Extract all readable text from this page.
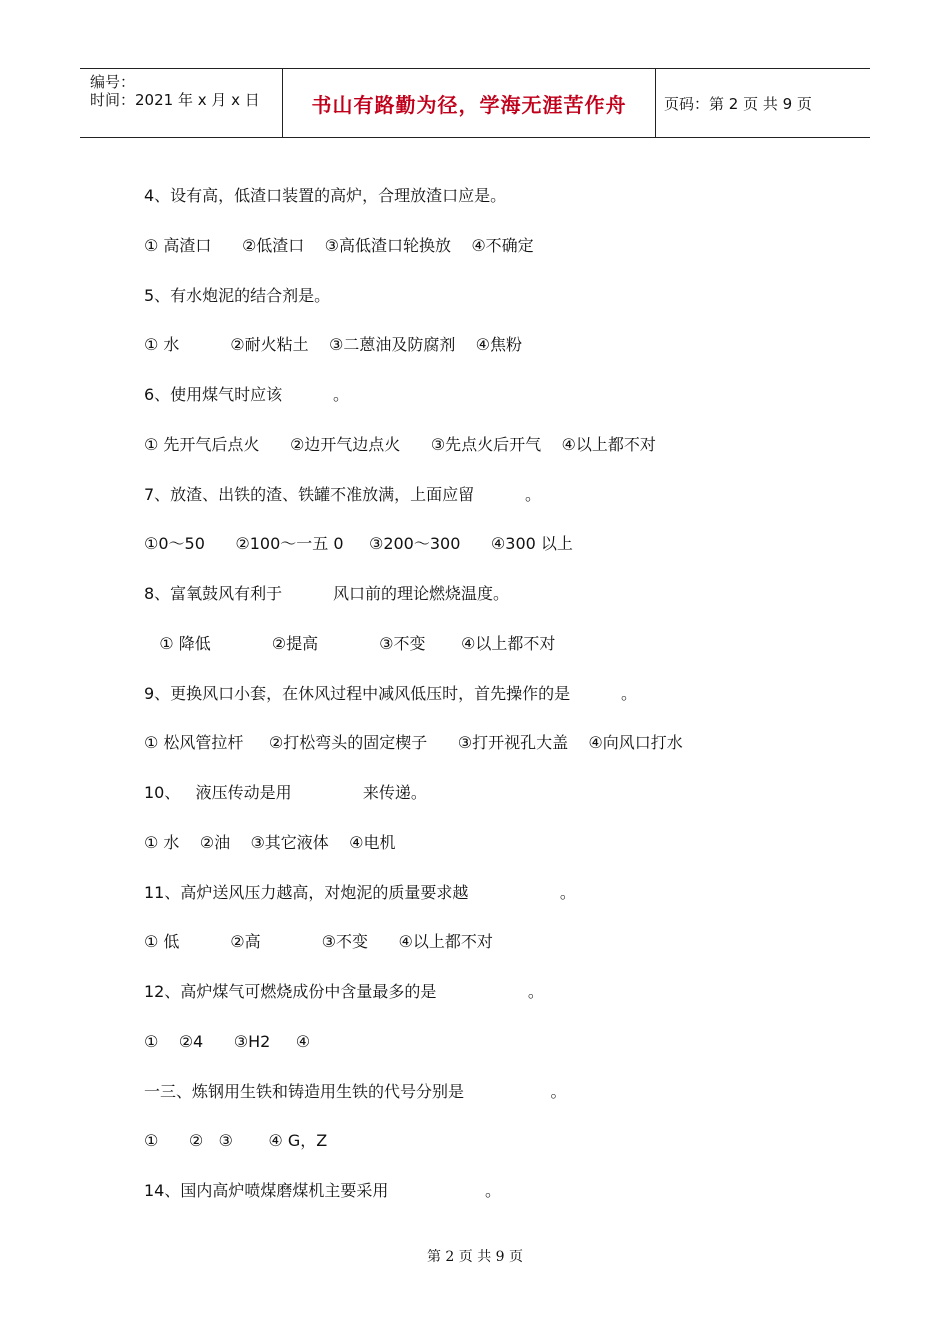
编号：
时间：2021 年 x 月 x 日	书山有路勤为径，学海无涯苦作舟	页码：第 2 页 共 9 页
4、设有高，低渣口装置的高炉，合理放渣口应是。
① 高渣口      ②低渣口    ③高低渣口轮换放    ④不确定
5、有水炮泥的结合剂是。
① 水          ②耐火粘土    ③二蒽油及防腐剂    ④焦粉
6、使用煤气时应该          。
① 先开气后点火      ②边开气边点火      ③先点火后开气    ④以上都不对
7、放渣、出铁的渣、铁罐不准放满，上面应留          。
①0～50      ②100～一五 0     ③200～300      ④300 以上
8、富氧鼓风有利于          风口前的理论燃烧温度。
① 降低            ②提高            ③不变       ④以上都不对
9、更换风口小套，在休风过程中减风低压时，首先操作的是          。
① 松风管拉杆     ②打松弯头的固定楔子      ③打开视孔大盖    ④向风口打水
10、   液压传动是用              来传递。
① 水    ②油    ③其它液体    ④电机
11、高炉送风压力越高，对炮泥的质量要求越                  。
① 低          ②高            ③不变      ④以上都不对
12、高炉煤气可燃烧成份中含量最多的是                  。
①    ②4      ③H2     ④
一三、炼钢用生铁和铸造用生铁的代号分别是                 。
①      ②   ③       ④ G，Z
14、国内高炉喷煤磨煤机主要采用                   。
第 2 页 共 9 页
